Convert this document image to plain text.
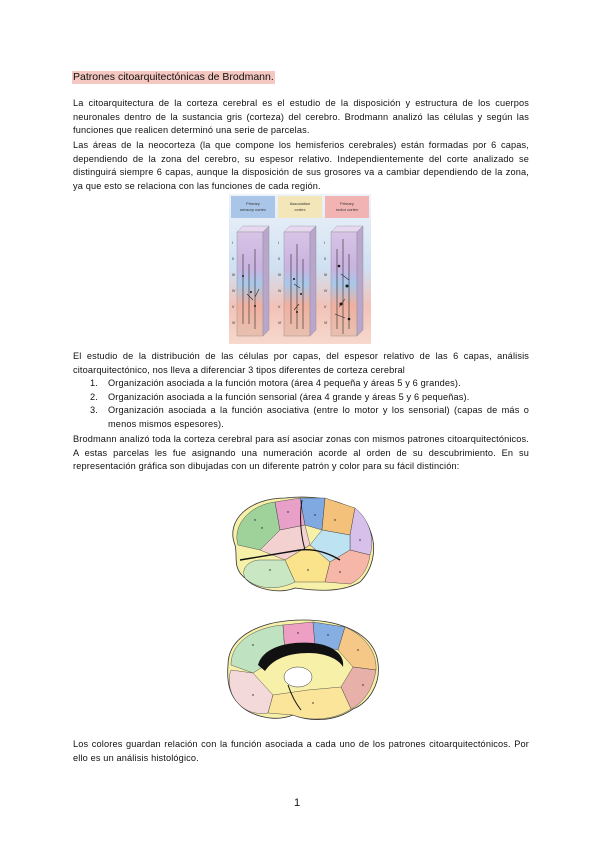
Patrones citoarquitectónicas de Brodmann.

La citoarquitectura de la corteza cerebral es el estudio de la disposición y estructura de los cuerpos neuronales dentro de la sustancia gris (corteza) del cerebro. Brodmann analizó las células y según las funciones que realicen determinó una serie de parcelas.

Las áreas de la neocorteza (la que compone los hemisferios cerebrales) están formadas por 6 capas, dependiendo de la zona del cerebro, su espesor relativo. Independientemente del corte analizado se distinguirá siempre 6 capas, aunque la disposición de sus grosores va a cambiar dependiendo de la zona, ya que esto se relaciona con las funciones de cada región.

Primary
sensory cortex
Association
cortex
Primary
motor cortex
I
II
III
IV
V
VI
I
II
III
IV
V
VI
I
II
III
IV
V
VI

El estudio de la distribución de las células por capas, del espesor relativo de las 6 capas, análisis citoarquitectónico, nos lleva a diferenciar 3 tipos diferentes de corteza cerebral

1. Organización asociada a la función motora (área 4 pequeña y áreas 5 y 6 grandes).
2. Organización asociada a la función sensorial (área 4 grande y áreas 5 y 6 pequeñas).
3. Organización asociada a la función asociativa (entre lo motor y los sensorial) (capas de más o menos mismos espesores).

Brodmann analizó toda la corteza cerebral para así asociar zonas con mismos patrones citoarquitectónicos. A estas parcelas les fue asignando una numeración acorde al orden de su descubrimiento. En su representación gráfica son dibujadas con un diferente patrón y color para su fácil distinción:

Los colores guardan relación con la función asociada a cada uno de los patrones citoarquitectónicos. Por ello es un análisis histológico.

1
